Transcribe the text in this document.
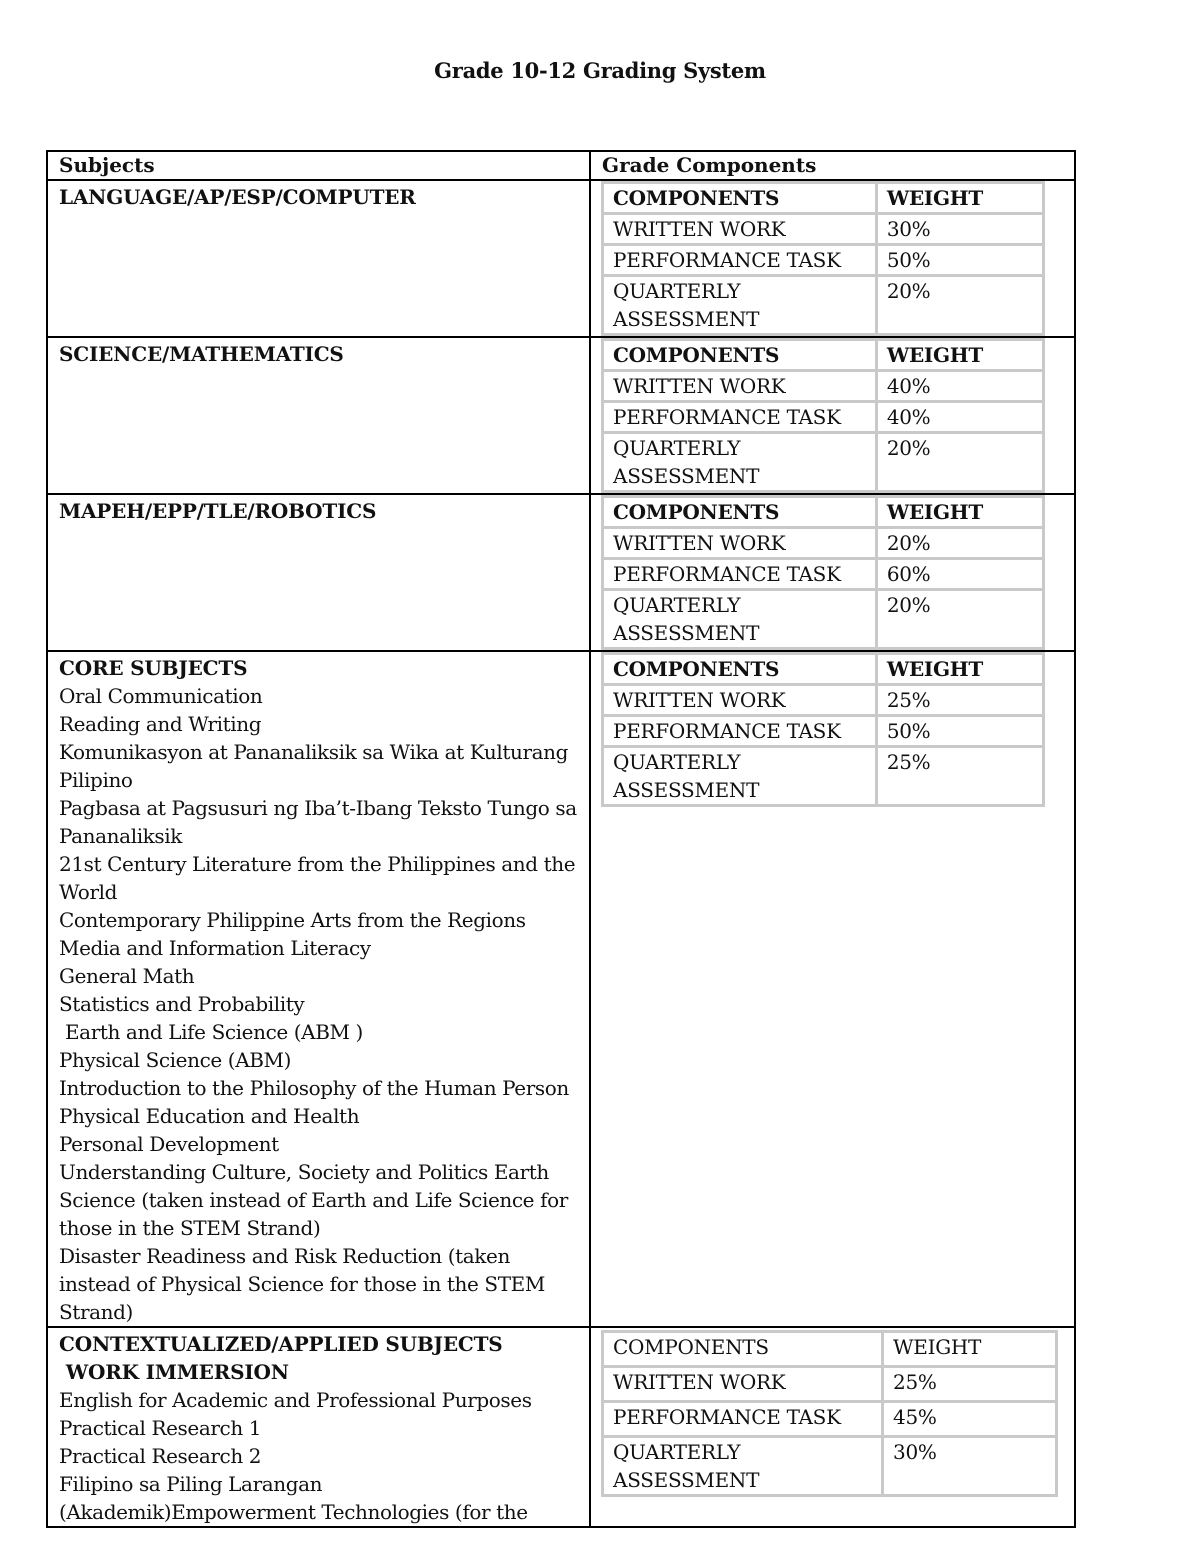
Grade 10-12 Grading System
Subjects	Grade Components

LANGUAGE/AP/ESP/COMPUTER
		COMPONENTS	WEIGHT
WRITTEN WORK	30%
PERFORMANCE TASK	50%
QUARTERLY ASSESSMENT	20%

SCIENCE/MATHEMATICS
		COMPONENTS	WEIGHT
WRITTEN WORK	40%
PERFORMANCE TASK	40%
QUARTERLY ASSESSMENT	20%

MAPEH/EPP/TLE/ROBOTICS
		COMPONENTS	WEIGHT
WRITTEN WORK	20%
PERFORMANCE TASK	60%
QUARTERLY ASSESSMENT	20%

CORE SUBJECTS
Oral Communication
Reading and Writing
Komunikasyon at Pananaliksik sa Wika at Kulturang Pilipino
Pagbasa at Pagsusuri ng Iba’t-Ibang Teksto Tungo sa Pananaliksik
21st Century Literature from the Philippines and the World
Contemporary Philippine Arts from the Regions
Media and Information Literacy
General Math
Statistics and Probability
Earth and Life Science (ABM )
Physical Science (ABM)
Introduction to the Philosophy of the Human Person
Physical Education and Health
Personal Development
Understanding Culture, Society and Politics Earth Science (taken instead of Earth and Life Science for those in the STEM Strand)
Disaster Readiness and Risk Reduction (taken instead of Physical Science for those in the STEM Strand)

COMPONENTS	WEIGHT
WRITTEN WORK	25%
PERFORMANCE TASK	50%
QUARTERLY ASSESSMENT	25%

CONTEXTUALIZED/APPLIED SUBJECTS
WORK IMMERSION
English for Academic and Professional Purposes
Practical Research 1
Practical Research 2
Filipino sa Piling Larangan
(Akademik)Empowerment Technologies (for the

COMPONENTS	WEIGHT
WRITTEN WORK	25%
PERFORMANCE TASK	45%
QUARTERLY ASSESSMENT	30%
